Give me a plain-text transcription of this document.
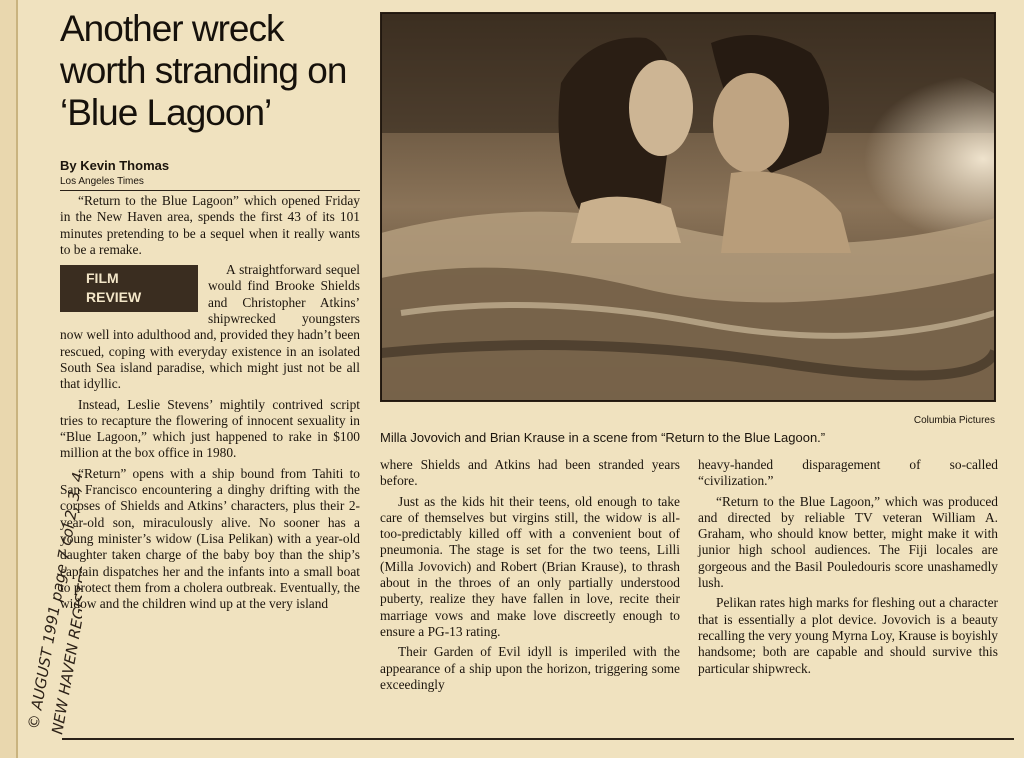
Another wreck worth stranding on ‘Blue Lagoon’
By Kevin Thomas
Los Angeles Times
Columbia Pictures
Milla Jovovich and Brian Krause in a scene from “Return to the Blue Lagoon.”

“Return to the Blue Lagoon” which opened Friday in the New Haven area, spends the first 43 of its 101 minutes pretending to be a sequel when it really wants to be a remake.

FILM
REVIEW
A straightforward sequel would find Brooke Shields and Christopher Atkins’ shipwrecked youngsters now well into adulthood and, provided they hadn’t been rescued, coping with everyday existence in an isolated South Sea island paradise, which might just not be all that idyllic.

Instead, Leslie Stevens’ mightily contrived script tries to recapture the flowering of innocent sexuality in “Blue Lagoon,” which just happened to rake in $100 million at the box office in 1980.

“Return” opens with a ship bound from Tahiti to San Francisco encountering a dinghy drifting with the corpses of Shields and Atkins’ characters, plus their 2-year-old son, miraculously alive. No sooner has a young minister’s widow (Lisa Pelikan) with a year-old daughter taken charge of the baby boy than the ship’s captain dispatches her and the infants into a small boat to protect them from a cholera outbreak. Eventually, the widow and the children wind up at the very island

where Shields and Atkins had been stranded years before.

Just as the kids hit their teens, old enough to take care of themselves but virgins still, the widow is all-too-predictably killed off with a convenient bout of pneumonia. The stage is set for the two teens, Lilli (Milla Jovovich) and Robert (Brian Krause), to thrash about in the throes of an only partially understood puberty, realize they have fallen in love, recite their marriage vows and make love discreetly enough to ensure a PG-13 rating.

Their Garden of Evil idyll is imperiled with the appearance of a ship upon the horizon, triggering some exceedingly

heavy-handed disparagement of so-called “civilization.”

“Return to the Blue Lagoon,” which was produced and directed by reliable TV veteran William A. Graham, who should know better, might make it with junior high school audiences. The Fiji locales are gorgeous and the Basil Pouledouris score unashamedly lush.

Pelikan rates high marks for fleshing out a character that is essentially a plot device. Jovovich is a beauty recalling the very young Myrna Loy, Krause is boyishly handsome; both are capable and should survive this particular shipwreck.

© AUGUST 1991 page 7 col 2, 3, 4
NEW HAVEN REGISTER, CONN
